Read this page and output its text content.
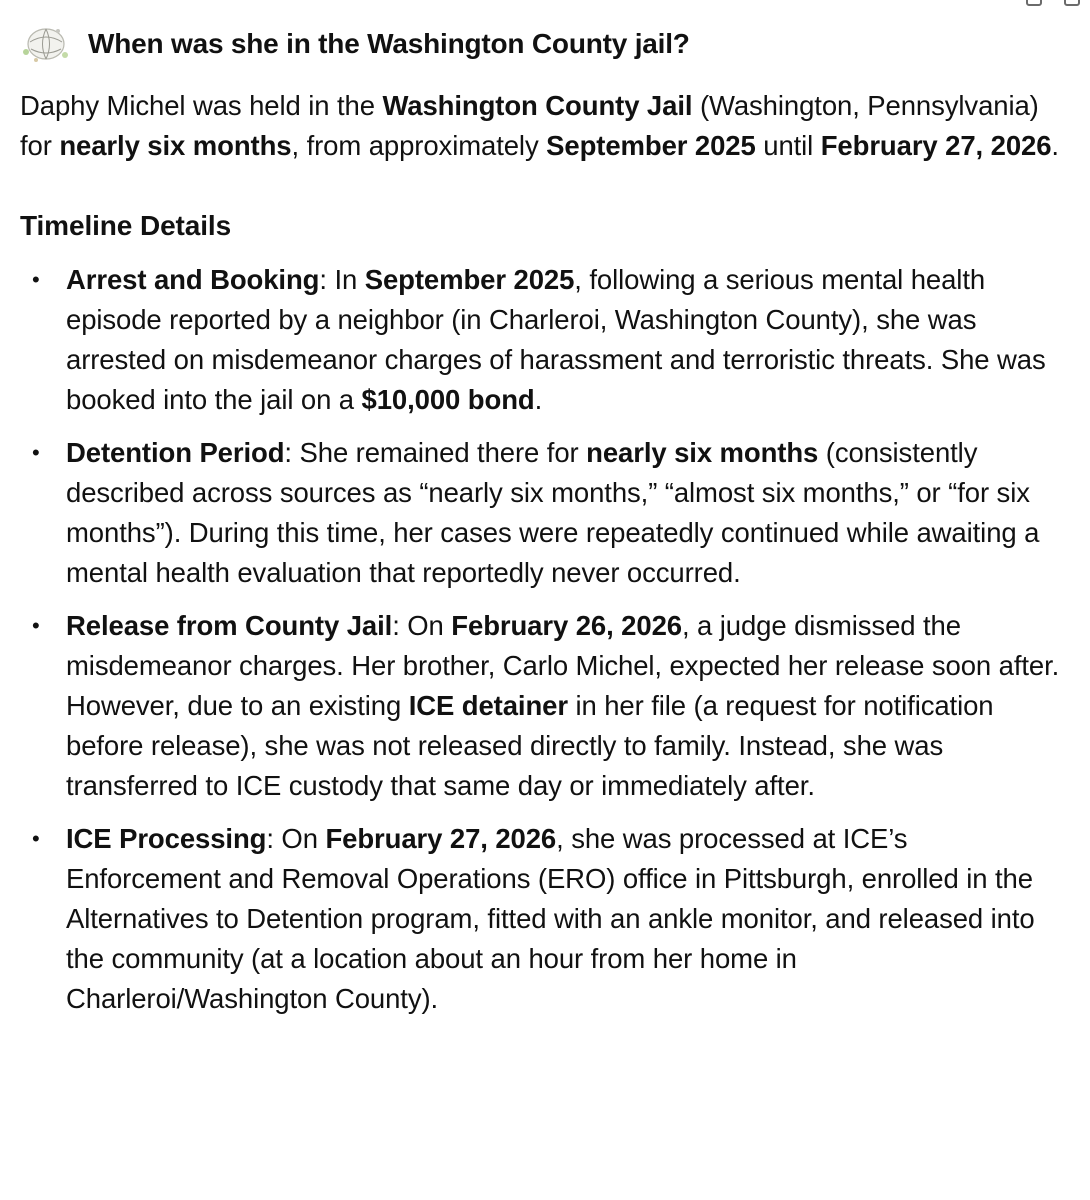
When was she in the Washington County jail?

Daphy Michel was held in the Washington County Jail (Washington, Pennsylvania) for nearly six months, from approximately September 2025 until February 27, 2026.

Timeline Details
• Arrest and Booking: In September 2025, following a serious mental health episode reported by a neighbor (in Charleroi, Washington County), she was arrested on misdemeanor charges of harassment and terroristic threats. She was booked into the jail on a $10,000 bond.
• Detention Period: She remained there for nearly six months (consistently described across sources as “nearly six months,” “almost six months,” or “for six months”). During this time, her cases were repeatedly continued while awaiting a mental health evaluation that reportedly never occurred.
• Release from County Jail: On February 26, 2026, a judge dismissed the misdemeanor charges. Her brother, Carlo Michel, expected her release soon after. However, due to an existing ICE detainer in her file (a request for notification before release), she was not released directly to family. Instead, she was transferred to ICE custody that same day or immediately after.
• ICE Processing: On February 27, 2026, she was processed at ICE’s Enforcement and Removal Operations (ERO) office in Pittsburgh, enrolled in the Alternatives to Detention program, fitted with an ankle monitor, and released into the community (at a location about an hour from her home in Charleroi/Washington County).
